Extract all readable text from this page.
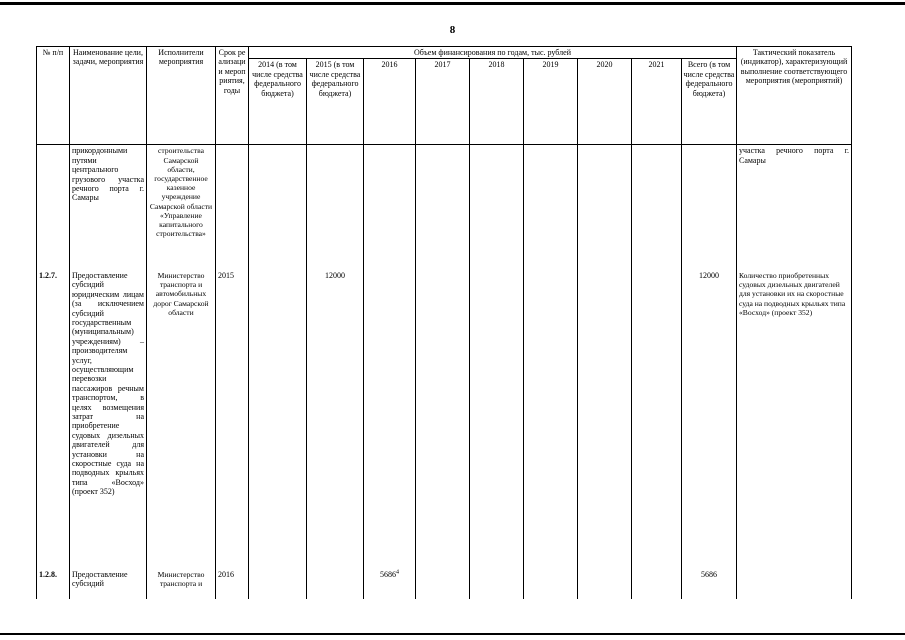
8
№ п/п	Наименование цели, задачи, мероприятия	Исполнители мероприятия	Срок реализации мероприятия, годы	Объем финансирования по годам, тыс. рублей									Тактический показатель (индикатор), характеризующий выполнение соответствующего мероприятия (мероприятий)
				2014 (в том числе средства федерального бюджета)	2015 (в том числе средства федерального бюджета)	2016	2017	2018	2019	2020	2021	Всего (в том числе средства федерального бюджета)	
	прикордонными путями центрального грузового участка речного порта г. Самары	строительства Самарской области, государственное казенное учреждение Самарской области «Управление капитального строительства»											участка речного порта г. Самары
1.2.7.	Предоставление субсидий юридическим лицам (за исключением субсидий государственным (муниципальным) учреждениям) – производителям услуг, осуществляющим перевозки пассажиров речным транспортом, в целях возмещения затрат на приобретение судовых дизельных двигателей для установки на скоростные суда на подводных крыльях типа «Восход» (проект 352)	Министерство транспорта и автомобильных дорог Самарской области	2015		12000							12000	Количество приобретенных судовых дизельных двигателей для установки их на скоростные суда на подводных крыльях типа «Восход» (проект 352)
1.2.8.	Предоставление субсидий	Министерство транспорта и	2016			5686$^4$						5686	
